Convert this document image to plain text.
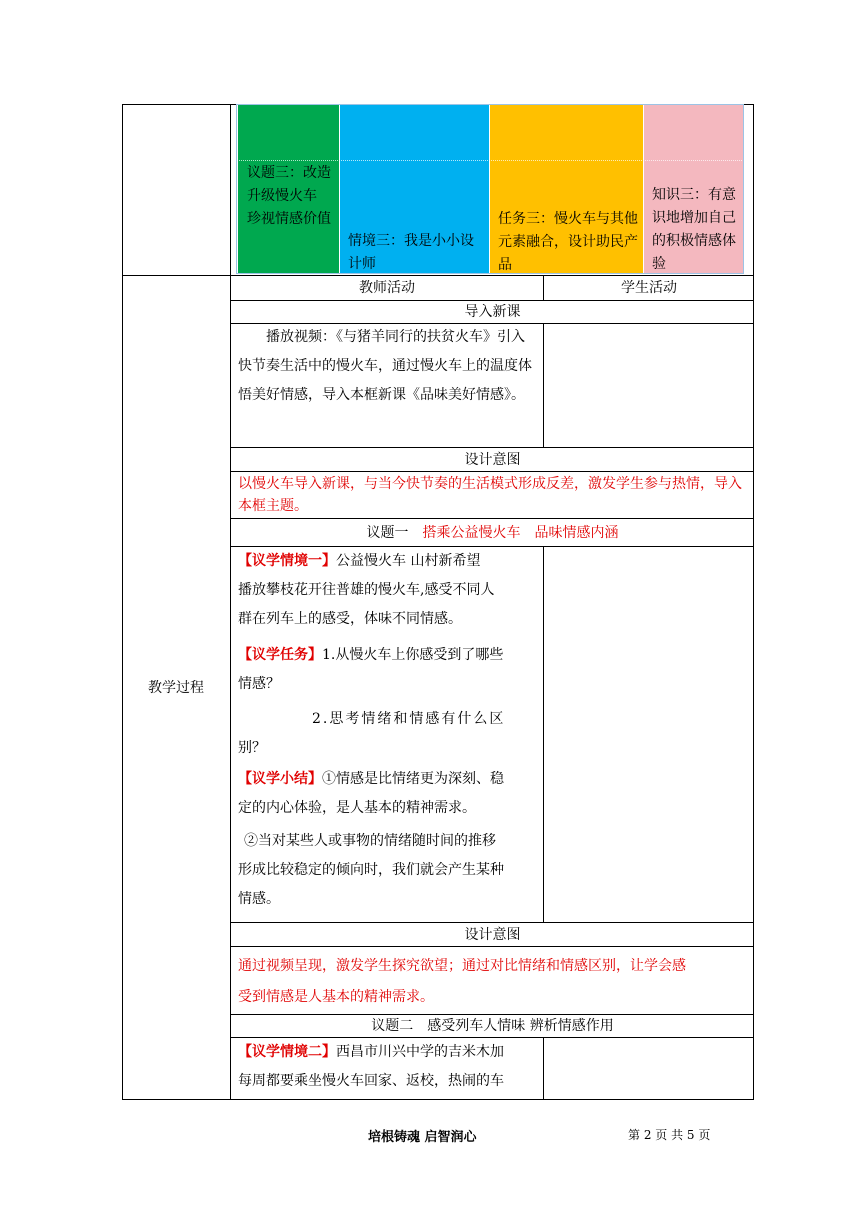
教学过程
议题三：改造升级慢火车 珍视情感价值
情境三：我是小小设计师
任务三：慢火车与其他元素融合，设计助民产品
知识三：有意识地增加自己的积极情感体验
教师活动	学生活动
导入新课
播放视频：《与猪羊同行的扶贫火车》引入快节奏生活中的慢火车，通过慢火车上的温度体悟美好情感，导入本框新课《品味美好情感》。
设计意图
以慢火车导入新课，与当今快节奏的生活模式形成反差，激发学生参与热情，导入本框主题。
议题一 搭乘公益慢火车　品味情感内涵
【议学情境一】公益慢火车 山村新希望
播放攀枝花开往普雄的慢火车,感受不同人
群在列车上的感受，体味不同情感。
【议学任务】1.从慢火车上你感受到了哪些
情感？
2.思考情绪和情感有什么区
别？
【议学小结】①情感是比情绪更为深刻、稳
定的内心体验，是人基本的精神需求。
②当对某些人或事物的情绪随时间的推移
形成比较稳定的倾向时，我们就会产生某种
情感。
设计意图
通过视频呈现，激发学生探究欲望；通过对比情绪和情感区别，让学会感
受到情感是人基本的精神需求。
议题二　感受列车人情味 辨析情感作用
【议学情境二】西昌市川兴中学的吉米木加
每周都要乘坐慢火车回家、返校，热闹的车
培根铸魂 启智润心	第 2 页 共 5 页
